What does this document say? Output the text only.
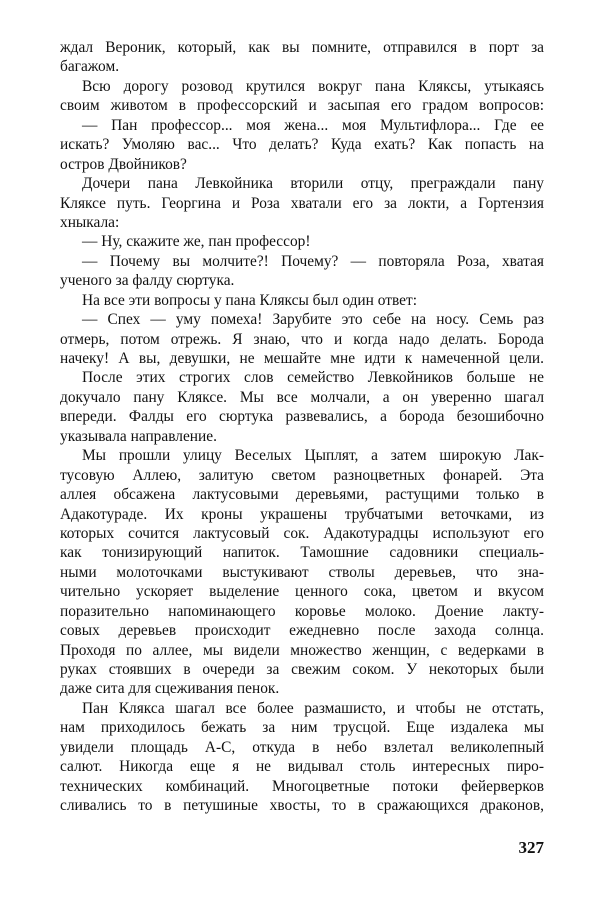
ждал Вероник, который, как вы помните, отправился в порт за
багажом.
Всю дорогу розовод крутился вокруг пана Кляксы, утыкаясь
своим животом в профессорский и засыпая его градом вопросов:
— Пан профессор... моя жена... моя Мультифлора... Где ее
искать? Умоляю вас... Что делать? Куда ехать? Как попасть на
остров Двойников?
Дочери пана Левкойника вторили отцу, преграждали пану
Кляксе путь. Георгина и Роза хватали его за локти, а Гортензия
хныкала:
— Ну, скажите же, пан профессор!
— Почему вы молчите?! Почему? — повторяла Роза, хватая
ученого за фалду сюртука.
На все эти вопросы у пана Кляксы был один ответ:
— Спех — уму помеха! Зарубите это себе на носу. Семь раз
отмерь, потом отрежь. Я знаю, что и когда надо делать. Борода
начеку! А вы, девушки, не мешайте мне идти к намеченной цели.
После этих строгих слов семейство Левкойников больше не
докучало пану Кляксе. Мы все молчали, а он уверенно шагал
впереди. Фалды его сюртука развевались, а борода безошибочно
указывала направление.
Мы прошли улицу Веселых Цыплят, а затем широкую Лак-
тусовую Аллею, залитую светом разноцветных фонарей. Эта
аллея обсажена лактусовыми деревьями, растущими только в
Адакотураде. Их кроны украшены трубчатыми веточками, из
которых сочится лактусовый сок. Адакотурадцы используют его
как тонизирующий напиток. Тамошние садовники специаль-
ными молоточками выстукивают стволы деревьев, что зна-
чительно ускоряет выделение ценного сока, цветом и вкусом
поразительно напоминающего коровье молоко. Доение лакту-
совых деревьев происходит ежедневно после захода солнца.
Проходя по аллее, мы видели множество женщин, с ведерками в
руках стоявших в очереди за свежим соком. У некоторых были
даже сита для сцеживания пенок.
Пан Клякса шагал все более размашисто, и чтобы не отстать,
нам приходилось бежать за ним трусцой. Еще издалека мы
увидели площадь А-С, откуда в небо взлетал великолепный
салют. Никогда еще я не видывал столь интересных пиро-
технических комбинаций. Многоцветные потоки фейерверков
сливались то в петушиные хвосты, то в сражающихся драконов,
327
